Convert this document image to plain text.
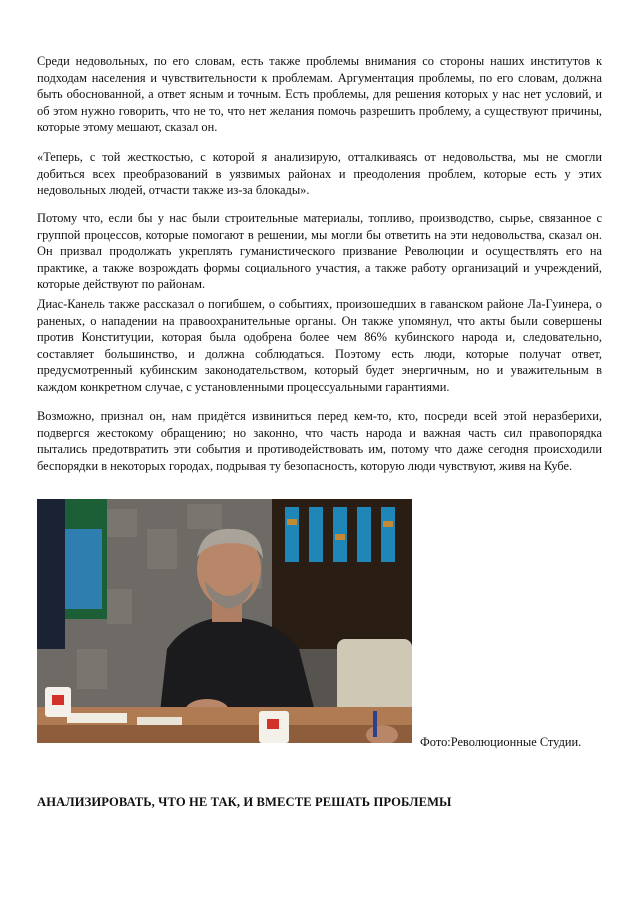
Среди недовольных, по его словам, есть также проблемы внимания со стороны наших институтов к подходам населения и чувствительности к проблемам. Аргументация проблемы, по его словам, должна быть обоснованной, а ответ ясным и точным. Есть проблемы, для решения которых у нас нет условий, и об этом нужно говорить, что не то, что нет желания помочь разрешить проблему, а существуют причины, которые этому мешают, сказал он.

«Теперь, с той жесткостью, с которой я анализирую, отталкиваясь от недовольства, мы не смогли добиться всех преобразований в уязвимых районах и преодоления проблем, которые есть у этих недовольных людей, отчасти также из-за блокады».

Потому что, если бы у нас были строительные материалы, топливо, производство, сырье, связанное с группой процессов, которые помогают в решении, мы могли бы ответить на эти недовольства, сказал он. Он призвал продолжать укреплять гуманистического призвание Революции и осуществлять его на практике, а также возрождать формы социального участия, а также работу организаций и учреждений, которые действуют по районам.

Диас-Канель также рассказал о погибшем, о событиях, произошедших в гаванском районе Ла-Гуинера, о раненых, о нападении на правоохранительные органы. Он также упомянул, что акты были совершены против Конституции, которая была одобрена более чем 86% кубинского народа и, следовательно, составляет большинство, и должна соблюдаться. Поэтому есть люди, которые получат ответ, предусмотренный кубинским законодательством, который будет энергичным, но и уважительным в каждом конкретном случае, с установленными процессуальными гарантиями.

Возможно, признал он, нам придётся извиниться перед кем-то, кто, посреди всей этой неразберихи, подвергся жестокому обращению; но законно, что часть народа и важная часть сил правопорядка пытались предотвратить эти события и противодействовать им, потому что даже сегодня происходили беспорядки в некоторых городах, подрывая ту безопасность, которую люди чувствуют, живя на Кубе.

Фото:Революционные Студии.
АНАЛИЗИРОВАТЬ, ЧТО НЕ ТАК, И ВМЕСТЕ РЕШАТЬ ПРОБЛЕМЫ
